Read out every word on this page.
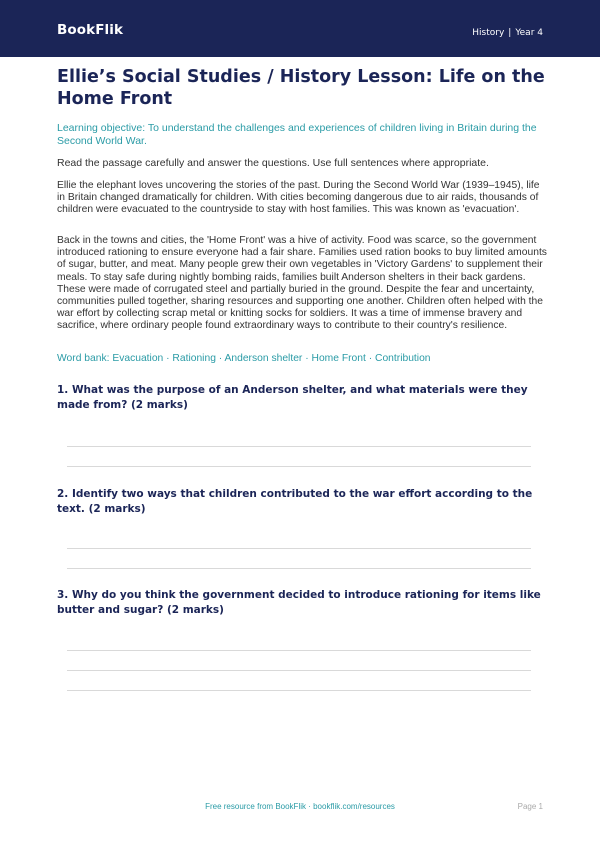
BookFlik	History | Year 4
Ellie’s Social Studies / History Lesson: Life on the Home Front

Learning objective: To understand the challenges and experiences of children living in Britain during the Second World War.

Read the passage carefully and answer the questions. Use full sentences where appropriate.

Ellie the elephant loves uncovering the stories of the past. During the Second World War (1939–1945), life in Britain changed dramatically for children. With cities becoming dangerous due to air raids, thousands of children were evacuated to the countryside to stay with host families. This was known as 'evacuation'.

Back in the towns and cities, the 'Home Front' was a hive of activity. Food was scarce, so the government introduced rationing to ensure everyone had a fair share. Families used ration books to buy limited amounts of sugar, butter, and meat. Many people grew their own vegetables in 'Victory Gardens' to supplement their meals. To stay safe during nightly bombing raids, families built Anderson shelters in their back gardens. These were made of corrugated steel and partially buried in the ground. Despite the fear and uncertainty, communities pulled together, sharing resources and supporting one another. Children often helped with the war effort by collecting scrap metal or knitting socks for soldiers. It was a time of immense bravery and sacrifice, where ordinary people found extraordinary ways to contribute to their country's resilience.

Word bank: Evacuation · Rationing · Anderson shelter · Home Front · Contribution

1. What was the purpose of an Anderson shelter, and what materials were they made from? (2 marks)

2. Identify two ways that children contributed to the war effort according to the text. (2 marks)

3. Why do you think the government decided to introduce rationing for items like butter and sugar? (2 marks)

Free resource from BookFlik · bookflik.com/resources	Page 1
